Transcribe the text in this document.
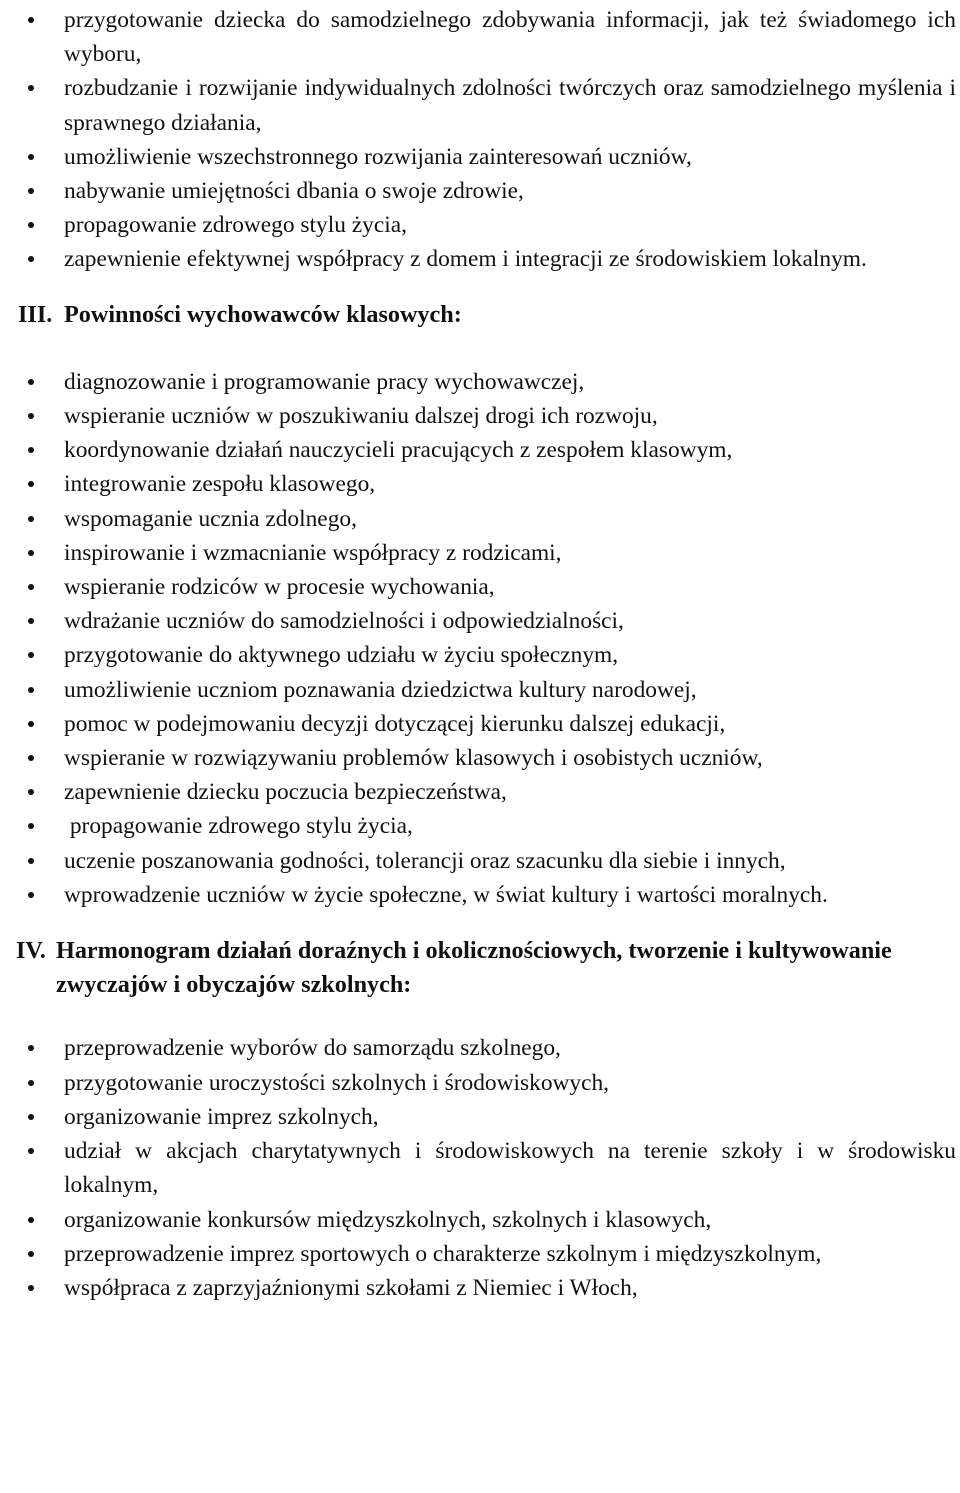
przygotowanie dziecka do samodzielnego zdobywania informacji, jak też świadomego ich wyboru,
rozbudzanie i rozwijanie indywidualnych zdolności twórczych oraz samodzielnego myślenia i sprawnego działania,
umożliwienie wszechstronnego rozwijania zainteresowań uczniów,
nabywanie umiejętności dbania o swoje zdrowie,
propagowanie zdrowego stylu życia,
zapewnienie efektywnej współpracy z domem i integracji ze środowiskiem lokalnym.
III. Powinności wychowawców klasowych:
diagnozowanie i programowanie pracy wychowawczej,
wspieranie uczniów w poszukiwaniu dalszej drogi ich rozwoju,
koordynowanie działań nauczycieli pracujących z zespołem klasowym,
integrowanie zespołu klasowego,
wspomaganie ucznia zdolnego,
inspirowanie i wzmacnianie współpracy z rodzicami,
wspieranie rodziców w procesie wychowania,
wdrażanie uczniów do samodzielności i odpowiedzialności,
przygotowanie do aktywnego udziału w życiu społecznym,
umożliwienie uczniom poznawania dziedzictwa kultury narodowej,
pomoc w podejmowaniu decyzji dotyczącej kierunku dalszej edukacji,
wspieranie w rozwiązywaniu problemów klasowych i osobistych uczniów,
zapewnienie dziecku poczucia bezpieczeństwa,
propagowanie zdrowego stylu życia,
uczenie poszanowania godności, tolerancji oraz szacunku dla siebie i innych,
wprowadzenie uczniów w życie społeczne, w świat kultury i wartości moralnych.
IV. Harmonogram działań doraźnych i okolicznościowych, tworzenie i kultywowanie zwyczajów i obyczajów szkolnych:
przeprowadzenie wyborów do samorządu szkolnego,
przygotowanie uroczystości szkolnych i środowiskowych,
organizowanie imprez szkolnych,
udział w akcjach charytatywnych i środowiskowych na terenie szkoły i w środowisku lokalnym,
organizowanie konkursów międzyszkolnych, szkolnych i klasowych,
przeprowadzenie imprez sportowych o charakterze szkolnym i międzyszkolnym,
współpraca z zaprzyjaźnionymi szkołami z Niemiec i Włoch,
